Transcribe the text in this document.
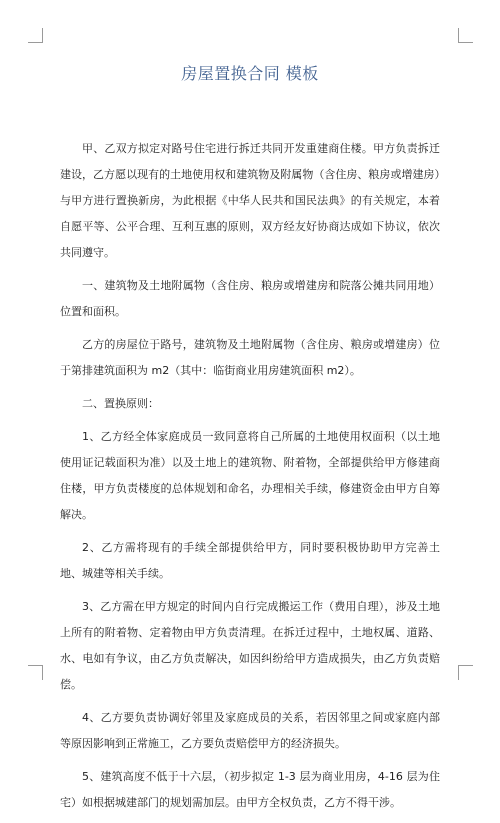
房屋置换合同 模板

甲、乙双方拟定对路号住宅进行拆迁共同开发重建商住楼。甲方负责拆迁建设，乙方愿以现有的土地使用权和建筑物及附属物（含住房、粮房或增建房）与甲方进行置换新房，为此根据《中华人民共和国民法典》的有关规定，本着自愿平等、公平合理、互利互惠的原则，双方经友好协商达成如下协议，依次共同遵守。

一、建筑物及土地附属物（含住房、粮房或增建房和院落公摊共同用地）位置和面积。

乙方的房屋位于路号，建筑物及土地附属物（含住房、粮房或增建房）位于第排建筑面积为 m2（其中：临街商业用房建筑面积 m2）。

二、置换原则：

1、乙方经全体家庭成员一致同意将自己所属的土地使用权面积（以土地使用证记载面积为准）以及土地上的建筑物、附着物，全部提供给甲方修建商住楼，甲方负责楼度的总体规划和命名，办理相关手续，修建资金由甲方自筹解决。

2、乙方需将现有的手续全部提供给甲方，同时要积极协助甲方完善土地、城建等相关手续。

3、乙方需在甲方规定的时间内自行完成搬运工作（费用自理），涉及土地上所有的附着物、定着物由甲方负责清理。在拆迁过程中，土地权属、道路、水、电如有争议，由乙方负责解决，如因纠纷给甲方造成损失，由乙方负责赔偿。

4、乙方要负责协调好邻里及家庭成员的关系，若因邻里之间或家庭内部等原因影响到正常施工，乙方要负责赔偿甲方的经济损失。

5、建筑高度不低于十六层，（初步拟定 1-3 层为商业用房，4-16 层为住宅）如根据城建部门的规划需加层。由甲方全权负责，乙方不得干涉。
